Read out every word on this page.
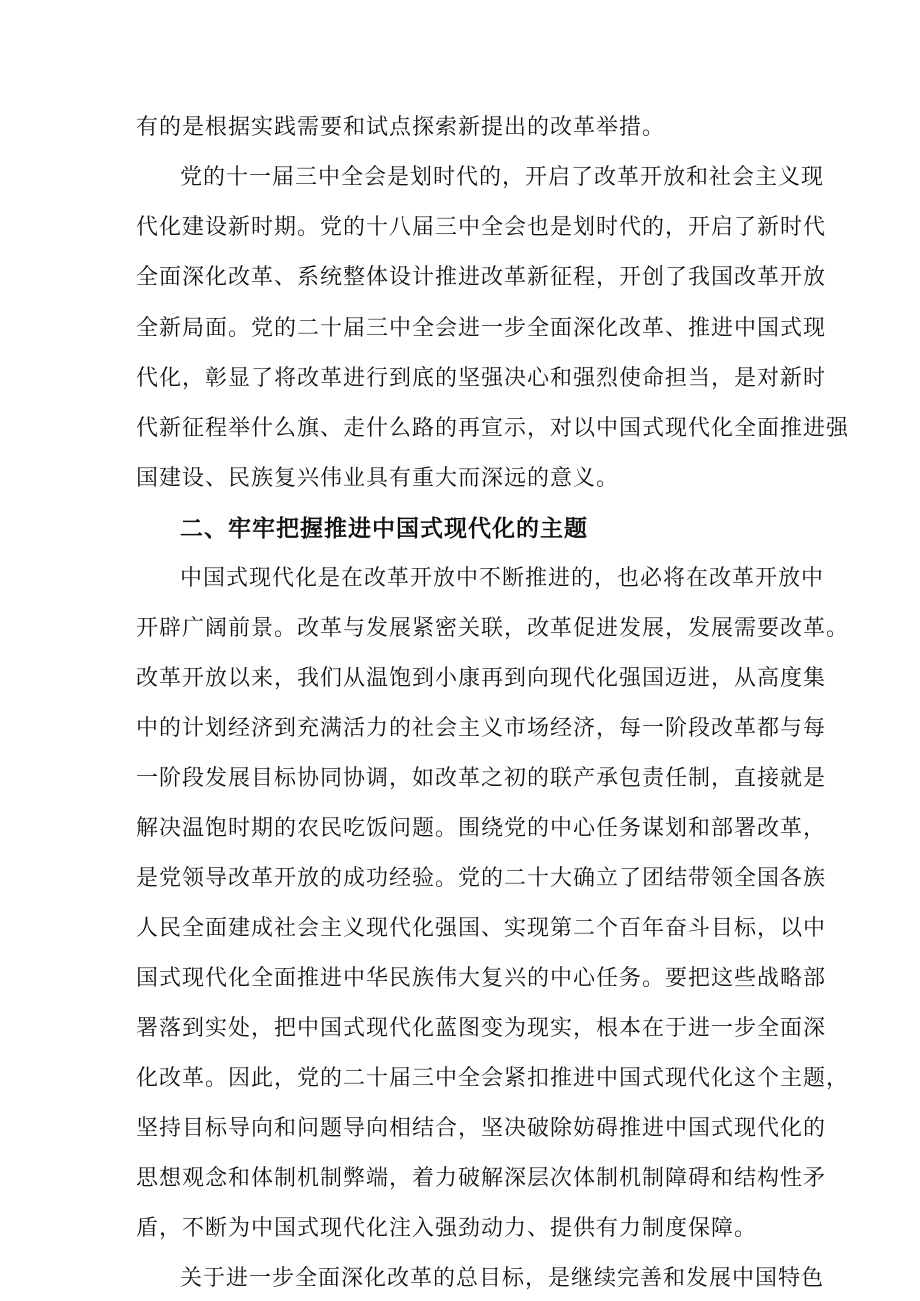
有的是根据实践需要和试点探索新提出的改革举措。
党的十一届三中全会是划时代的，开启了改革开放和社会主义现
代化建设新时期。党的十八届三中全会也是划时代的，开启了新时代
全面深化改革、系统整体设计推进改革新征程，开创了我国改革开放
全新局面。党的二十届三中全会进一步全面深化改革、推进中国式现
代化，彰显了将改革进行到底的坚强决心和强烈使命担当，是对新时
代新征程举什么旗、走什么路的再宣示，对以中国式现代化全面推进强
国建设、民族复兴伟业具有重大而深远的意义。
二、牢牢把握推进中国式现代化的主题
中国式现代化是在改革开放中不断推进的，也必将在改革开放中
开辟广阔前景。改革与发展紧密关联，改革促进发展，发展需要改革。
改革开放以来，我们从温饱到小康再到向现代化强国迈进，从高度集
中的计划经济到充满活力的社会主义市场经济，每一阶段改革都与每
一阶段发展目标协同协调，如改革之初的联产承包责任制，直接就是
解决温饱时期的农民吃饭问题。围绕党的中心任务谋划和部署改革，
是党领导改革开放的成功经验。党的二十大确立了团结带领全国各族
人民全面建成社会主义现代化强国、实现第二个百年奋斗目标，以中
国式现代化全面推进中华民族伟大复兴的中心任务。要把这些战略部
署落到实处，把中国式现代化蓝图变为现实，根本在于进一步全面深
化改革。因此，党的二十届三中全会紧扣推进中国式现代化这个主题，
坚持目标导向和问题导向相结合，坚决破除妨碍推进中国式现代化的
思想观念和体制机制弊端，着力破解深层次体制机制障碍和结构性矛
盾，不断为中国式现代化注入强劲动力、提供有力制度保障。
关于进一步全面深化改革的总目标，是继续完善和发展中国特色
